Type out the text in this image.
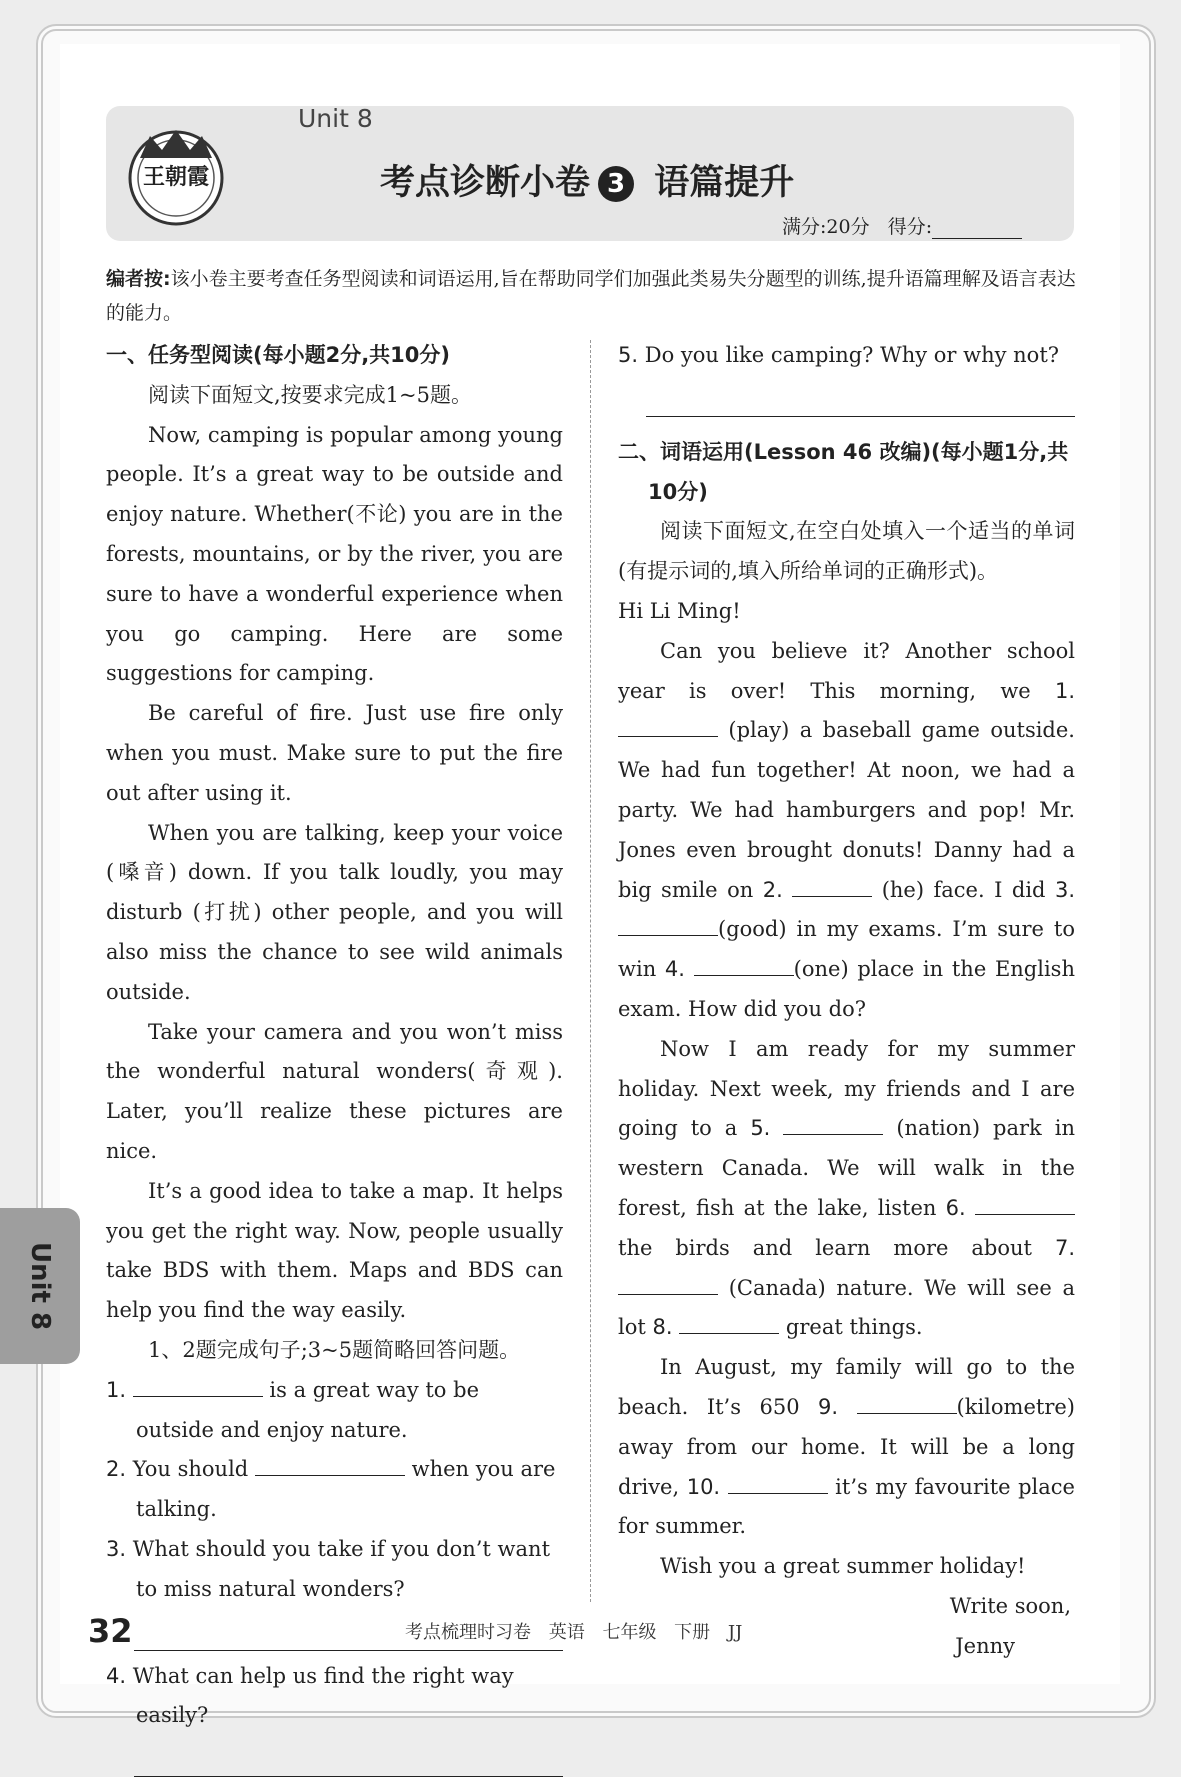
王朝霞
Unit 8
考点诊断小卷 3 语篇提升
满分:20分 得分:
编者按:该小卷主要考查任务型阅读和词语运用,旨在帮助同学们加强此类易失分题型的训练,提升语篇理解及语言表达的能力。
一、任务型阅读(每小题2分,共10分)

阅读下面短文,按要求完成1~5题。

Now, camping is popular among young people. It’s a great way to be outside and enjoy nature. Whether(不论) you are in the forests, mountains, or by the river, you are sure to have a wonderful experience when you go camping. Here are some suggestions for camping.

Be careful of fire. Just use fire only when you must. Make sure to put the fire out after using it.

When you are talking, keep your voice (嗓音) down. If you talk loudly, you may disturb (打扰) other people, and you will also miss the chance to see wild animals outside.

Take your camera and you won’t miss the wonderful natural wonders(奇观). Later, you’ll realize these pictures are nice.

It’s a good idea to take a map. It helps you get the right way. Now, people usually take BDS with them. Maps and BDS can help you find the way easily.

1、2题完成句子;3~5题简略回答问题。

1.	is a great way to be outside and enjoy nature.

2. You should	when you are talking.

3. What should you take if you don’t want to miss natural wonders?

4. What can help us find the right way easily?

5. Do you like camping? Why or why not?

二、词语运用(Lesson 46 改编)(每小题1分,共10分)

阅读下面短文,在空白处填入一个适当的单词(有提示词的,填入所给单词的正确形式)。

Hi Li Ming!

Can you believe it? Another school year is over! This morning, we 1.  (play) a baseball game outside. We had fun together! At noon, we had a party. We had hamburgers and pop! Mr. Jones even brought donuts! Danny had a big smile on 2.	(he) face. I did 3. (good) in my exams. I’m sure to win 4.	(one) place in the English exam. How did you do?

Now I am ready for my summer holiday. Next week, my friends and I are going to a 5.	(nation) park in western Canada. We will walk in the forest, fish at the lake, listen 6.  the birds and learn more about 7.  (Canada) nature. We will see a lot 8.	great things.

In August, my family will go to the beach. It’s 650 9.	(kilometre) away from our home. It will be a long drive, 10.	it’s my favourite place for summer.

Wish you a great summer holiday!

Write soon,

Jenny

Unit 8
32	考点梳理时习卷 英语 七年级 下册 JJ
